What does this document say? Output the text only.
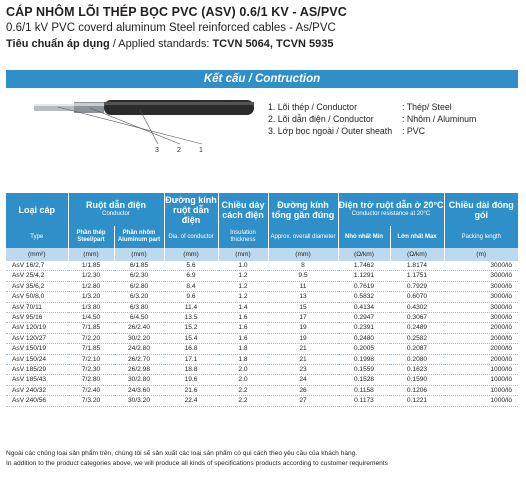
CÁP NHÔM LÕI THÉP BỌC PVC (ASV) 0.6/1 KV - AS/PVC
0.6/1 kV PVC coverd aluminum Steel reinforced cables - As/PVC
Tiêu chuẩn áp dụng / Applied standards: TCVN 5064, TCVN 5935
Kết cấu / Contruction
3	2	1
1. Lõi thép / Conductor	: Thép/ Steel
2. Lõi dẫn điện / Conductor	: Nhôm / Aluminum
3. Lớp bọc ngoài / Outer sheath	: PVC
Loại cáp	Ruột dẫn điện
Conductor		Đường kính ruột dẫn điện	Chiều dày cách điện	Đường kính tổng gần đúng	Điện trở ruột dẫn ở 20°C
Conductor resistance at 20°C		Chiều dài đóng gói
Type	Phần thép Steel/part	Phần nhôm Aluminum part	Dia. of conductor	Insulation thickness	Approx. overall diameter	Nhỏ nhất Min	Lớn nhất Max	Packing length
(mm²)	(mm)	(mm)	(mm)	(mm)	(mm)	(Ω/km)	(Ω/km)	(m)
AsV 16/2,7	1/1.85	6/1.85	5.6	1.0	8	1.7462	1.8174	3000/lô
AsV 25/4,2	1/2.30	6/2.30	6.9	1.2	9.5	1.1291	1.1751	3000/lô
AsV 35/6,2	1/2.80	6/2.80	8.4	1.2	11	0.7619	0.7929	3000/lô
AsV 50/8,0	1/3.20	6/3.20	9.6	1.2	13	0.5832	0.6070	3000/lô
AsV 70/11	1/3.80	6/3.80	11.4	1.4	15	0.4134	0.4302	3000/lô
AsV 95/16	1/4.50	6/4.50	13.5	1.6	17	0.2947	0.3067	3000/lô
AsV 120/19	7/1.85	26/2.40	15.2	1.6	19	0.2391	0.2489	2000/lô
AsV 120/27	7/2.20	30/2.20	15.4	1.6	19	0.2480	0.2582	2000/lô
AsV 150/19	7/1.85	24/2.80	16.8	1.8	21	0.2005	0.2087	2000/lô
AsV 150/24	7/2.10	26/2.70	17.1	1.8	21	0.1998	0.2080	2000/lô
AsV 185/29	7/2.30	26/2.98	18.8	2.0	23	0.1559	0.1623	1000/lô
AsV 185/43	7/2.80	30/2.80	19.6	2.0	24	0.1528	0.1590	1000/lô
AsV 240/32	7/2.40	24/3.60	21.6	2.2	26	0.1158	0.1206	1000/lô
AsV 240/56	7/3.20	30/3.20	22.4	2.2	27	0.1173	0.1221	1000/lô
Ngoài các chủng loại sản phẩm trên, chúng tôi sẽ sản xuất các loại sản phẩm có qui cách theo yêu cầu của khách hàng.
In addition to the product categories above, we will produce all kinds of specifications products according to customer requirements
